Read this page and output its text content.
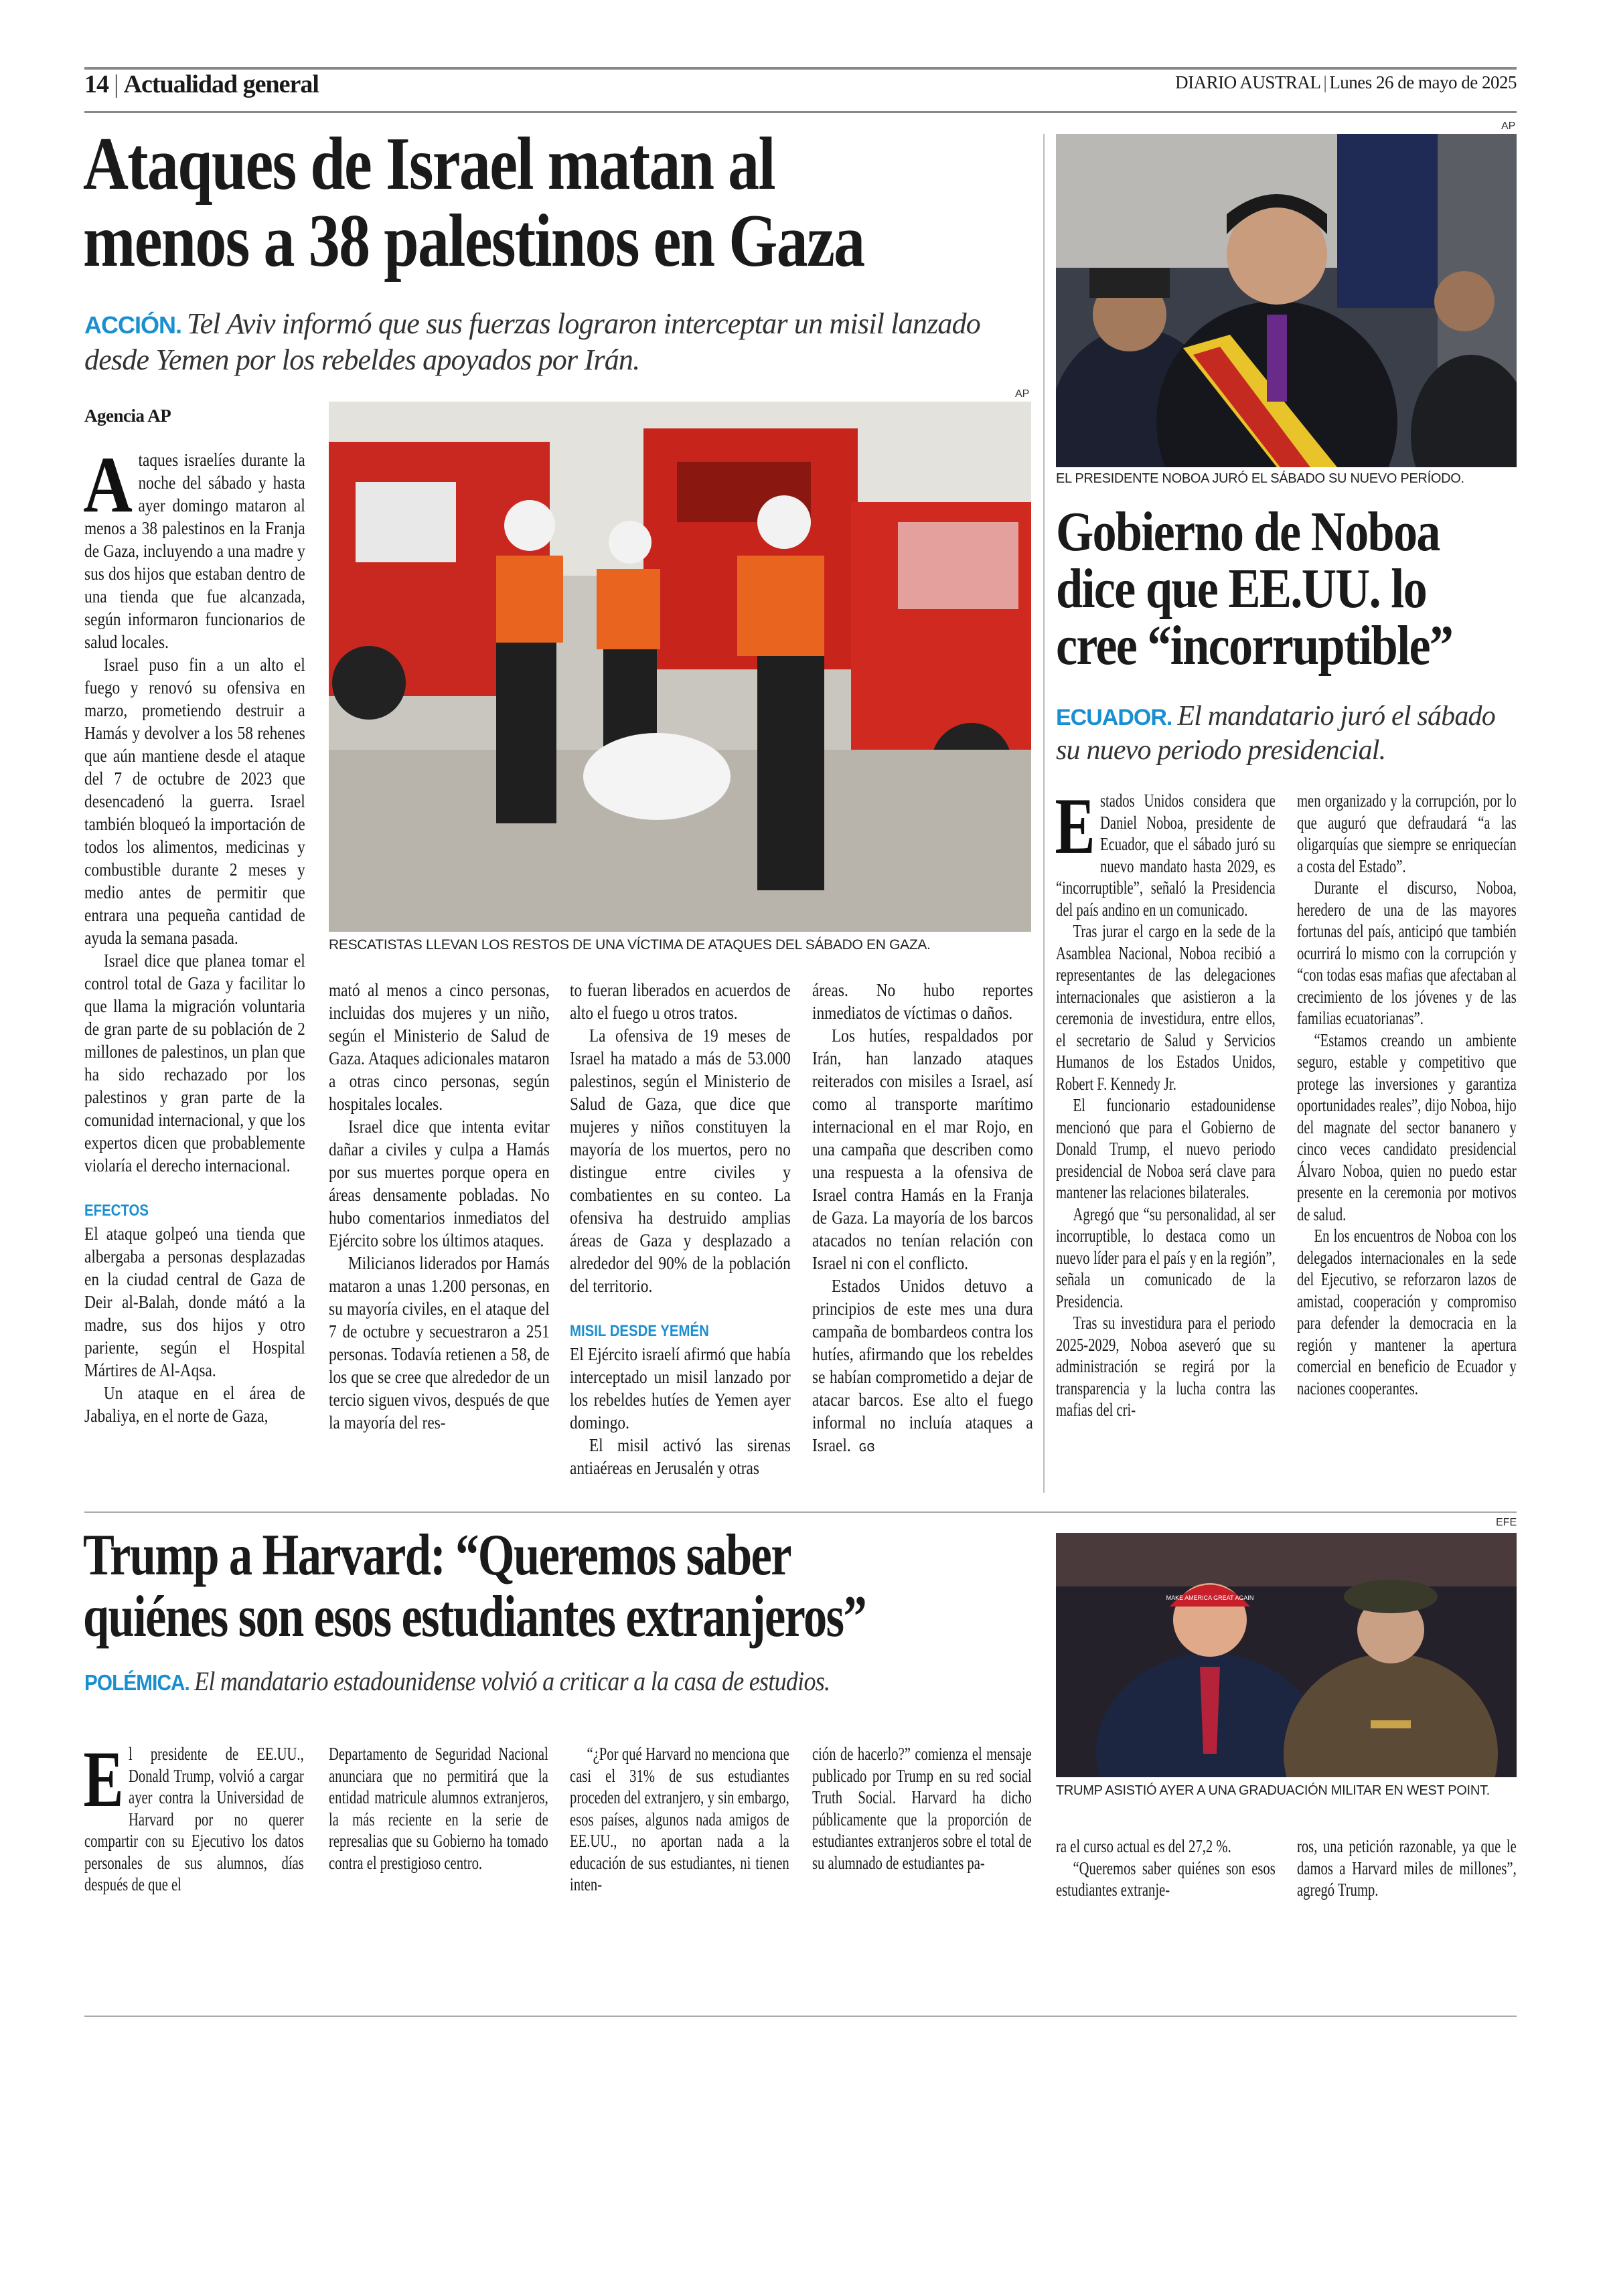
14 | Actualidad general	DIARIO AUSTRAL | Lunes 26 de mayo de 2025
Ataques de Israel matan al
menos a 38 palestinos en Gaza
ACCIÓN. Tel Aviv informó que sus fuerzas lograron interceptar un misil lanzado desde Yemen por los rebeldes apoyados por Irán.
Agencia AP
AP
RESCATISTAS LLEVAN LOS RESTOS DE UNA VÍCTIMA DE ATAQUES DEL SÁBADO EN GAZA.

Ataques israelíes durante la noche del sábado y hasta ayer domingo mataron al menos a 38 palestinos en la Franja de Gaza, incluyendo a una madre y sus dos hijos que estaban dentro de una tienda que fue alcanzada, según informaron funcionarios de salud locales.

Israel puso fin a un alto el fuego y renovó su ofensiva en marzo, prometiendo destruir a Hamás y devolver a los 58 rehenes que aún mantiene desde el ataque del 7 de octubre de 2023 que desencadenó la guerra. Israel también bloqueó la importación de todos los alimentos, medicinas y combustible durante 2 meses y medio antes de permitir que entrara una pequeña cantidad de ayuda la semana pasada.

Israel dice que planea tomar el control total de Gaza y facilitar lo que llama la migración voluntaria de gran parte de su población de 2 millones de palestinos, un plan que ha sido rechazado por los palestinos y gran parte de la comunidad internacional, y que los expertos dicen que probablemente violaría el derecho internacional.

EFECTOS

El ataque golpeó una tienda que albergaba a personas desplazadas en la ciudad central de Gaza de Deir al-Balah, donde mátó a la madre, sus dos hijos y otro pariente, según el Hospital Mártires de Al-Aqsa.

Un ataque en el área de Jabaliya, en el norte de Gaza,

mató al menos a cinco personas, incluidas dos mujeres y un niño, según el Ministerio de Salud de Gaza. Ataques adicionales mataron a otras cinco personas, según hospitales locales.

Israel dice que intenta evitar dañar a civiles y culpa a Hamás por sus muertes porque opera en áreas densamente pobladas. No hubo comentarios inmediatos del Ejército sobre los últimos ataques.

Milicianos liderados por Hamás mataron a unas 1.200 personas, en su mayoría civiles, en el ataque del 7 de octubre y secuestraron a 251 personas. Todavía retienen a 58, de los que se cree que alrededor de un tercio siguen vivos, después de que la mayoría del res-

to fueran liberados en acuerdos de alto el fuego u otros tratos.

La ofensiva de 19 meses de Israel ha matado a más de 53.000 palestinos, según el Ministerio de Salud de Gaza, que dice que mujeres y niños constituyen la mayoría de los muertos, pero no distingue entre civiles y combatientes en su conteo. La ofensiva ha destruido amplias áreas de Gaza y desplazado a alrededor del 90% de la población del territorio.

MISIL DESDE YEMÉN

El Ejército israelí afirmó que había interceptado un misil lanzado por los rebeldes hutíes de Yemen ayer domingo.

El misil activó las sirenas antiaéreas en Jerusalén y otras

áreas. No hubo reportes inmediatos de víctimas o daños.

Los hutíes, respaldados por Irán, han lanzado ataques reiterados con misiles a Israel, así como al transporte marítimo internacional en el mar Rojo, en una campaña que describen como una respuesta a la ofensiva de Israel contra Hamás en la Franja de Gaza. La mayoría de los barcos atacados no tenían relación con Israel ni con el conflicto.

Estados Unidos detuvo a principios de este mes una dura campaña de bombardeos contra los hutíes, afirmando que los rebeldes se habían comprometido a dejar de atacar barcos. Ese alto el fuego informal no incluía ataques a Israel. ɢɞ

AP
EL PRESIDENTE NOBOA JURÓ EL SÁBADO SU NUEVO PERÍODO.
Gobierno de Noboa
dice que EE.UU. lo
cree “incorruptible”
ECUADOR. El mandatario juró el sábado su nuevo periodo presidencial.

Estados Unidos considera que Daniel Noboa, presidente de Ecuador, que el sábado juró su nuevo mandato hasta 2029, es “incorruptible”, señaló la Presidencia del país andino en un comunicado.

Tras jurar el cargo en la sede de la Asamblea Nacional, Noboa recibió a representantes de las delegaciones internacionales que asistieron a la ceremonia de investidura, entre ellos, el secretario de Salud y Servicios Humanos de los Estados Unidos, Robert F. Kennedy Jr.

El funcionario estadounidense mencionó que para el Gobierno de Donald Trump, el nuevo periodo presidencial de Noboa será clave para mantener las relaciones bilaterales.

Agregó que “su personalidad, al ser incorruptible, lo destaca como un nuevo líder para el país y en la región”, señala un comunicado de la Presidencia.

Tras su investidura para el periodo 2025-2029, Noboa aseveró que su administración se regirá por la transparencia y la lucha contra las mafias del cri-

men organizado y la corrupción, por lo que auguró que defraudará “a las oligarquías que siempre se enriquecían a costa del Estado”.

Durante el discurso, Noboa, heredero de una de las mayores fortunas del país, anticipó que también ocurrirá lo mismo con la corrupción y “con todas esas mafias que afectaban al crecimiento de los jóvenes y de las familias ecuatorianas”.

“Estamos creando un ambiente seguro, estable y competitivo que protege las inversiones y garantiza oportunidades reales”, dijo Noboa, hijo del magnate del sector bananero y cinco veces candidato presidencial Álvaro Noboa, quien no puedo estar presente en la ceremonia por motivos de salud.

En los encuentros de Noboa con los delegados internacionales en la sede del Ejecutivo, se reforzaron lazos de amistad, cooperación y compromiso para defender la democracia en la región y mantener la apertura comercial en beneficio de Ecuador y naciones cooperantes.

Trump a Harvard: “Queremos saber
quiénes son esos estudiantes extranjeros”
POLÉMICA. El mandatario estadounidense volvió a criticar a la casa de estudios.
EFE
MAKE AMERICA GREAT AGAIN
TRUMP ASISTIÓ AYER A UNA GRADUACIÓN MILITAR EN WEST POINT.

El presidente de EE.UU., Donald Trump, volvió a cargar ayer contra la Universidad de Harvard por no querer compartir con su Ejecutivo los datos personales de sus alumnos, días después de que el

Departamento de Seguridad Nacional anunciara que no permitirá que la entidad matricule alumnos extranjeros, la más reciente en la serie de represalias que su Gobierno ha tomado contra el prestigioso centro.

“¿Por qué Harvard no menciona que casi el 31% de sus estudiantes proceden del extranjero, y sin embargo, esos países, algunos nada amigos de EE.UU., no aportan nada a la educación de sus estudiantes, ni tienen inten-

ción de hacerlo?” comienza el mensaje publicado por Trump en su red social Truth Social. Harvard ha dicho públicamente que la proporción de estudiantes extranjeros sobre el total de su alumnado de estudiantes pa-

ra el curso actual es del 27,2 %.

“Queremos saber quiénes son esos estudiantes extranje-

ros, una petición razonable, ya que le damos a Harvard miles de millones”, agregó Trump.
